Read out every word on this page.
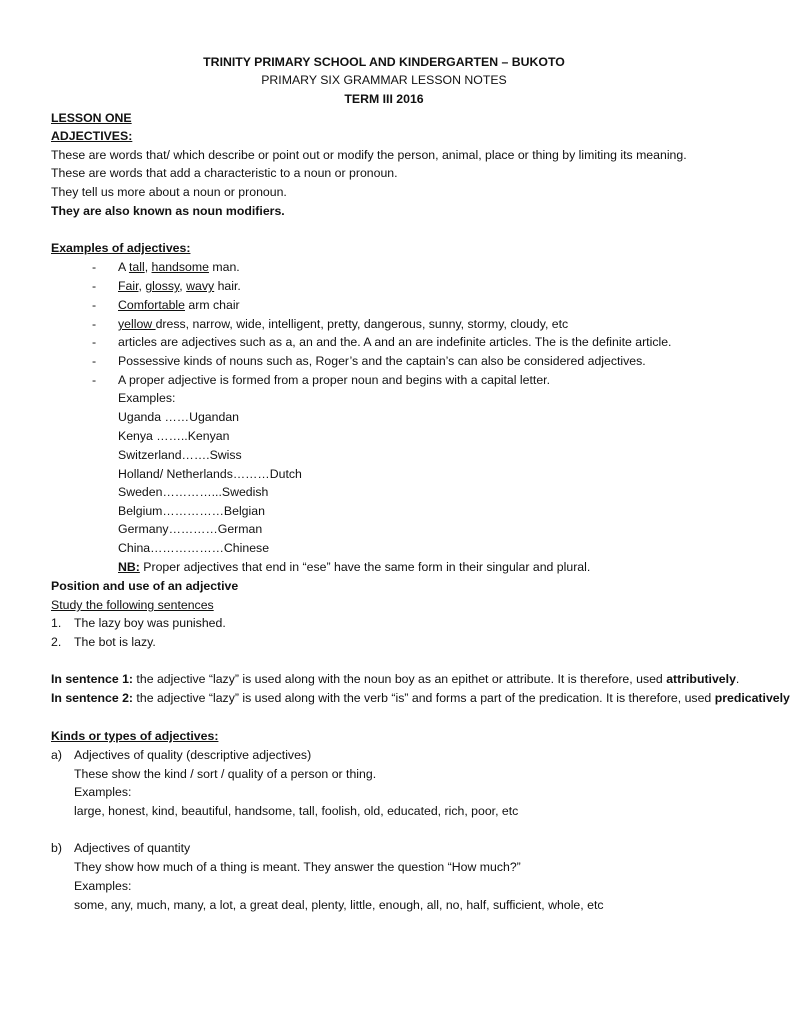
TRINITY PRIMARY SCHOOL AND KINDERGARTEN – BUKOTO
PRIMARY SIX GRAMMAR LESSON NOTES
TERM III 2016
LESSON ONE
ADJECTIVES:
These are words that/ which describe or point out or modify the person, animal, place or thing by limiting its meaning.
These are words that add a characteristic to a noun or pronoun.
They tell us more about a noun or pronoun.
They are also known as noun modifiers.
Examples of adjectives:
- A tall, handsome man.
- Fair, glossy, wavy hair.
- Comfortable arm chair
- yellow dress, narrow, wide, intelligent, pretty, dangerous, sunny, stormy, cloudy, etc
- articles are adjectives such as a, an and the. A and an are indefinite articles. The is the definite article.
- Possessive kinds of nouns such as, Roger’s and the captain’s can also be considered adjectives.
- A proper adjective is formed from a proper noun and begins with a capital letter.
Examples:
Uganda ……Ugandan
Kenya ……..Kenyan
Switzerland…….Swiss
Holland/ Netherlands………Dutch
Sweden…………...Swedish
Belgium……………Belgian
Germany…………German
China………………Chinese
NB: Proper adjectives that end in “ese” have the same form in their singular and plural.
Position and use of an adjective
Study the following sentences
1. The lazy boy was punished.
2. The bot is lazy.
In sentence 1: the adjective “lazy” is used along with the noun boy as an epithet or attribute. It is therefore, used attributively.
In sentence 2: the adjective “lazy” is used along with the verb “is” and forms a part of the predication. It is therefore, used predicatively
Kinds or types of adjectives:
a) Adjectives of quality (descriptive adjectives)
These show the kind / sort / quality of a person or thing.
Examples:
large, honest, kind, beautiful, handsome, tall, foolish, old, educated, rich, poor, etc
b) Adjectives of quantity
They show how much of a thing is meant. They answer the question “How much?”
Examples:
some, any, much, many, a lot, a great deal, plenty, little, enough, all, no, half, sufficient, whole, etc
